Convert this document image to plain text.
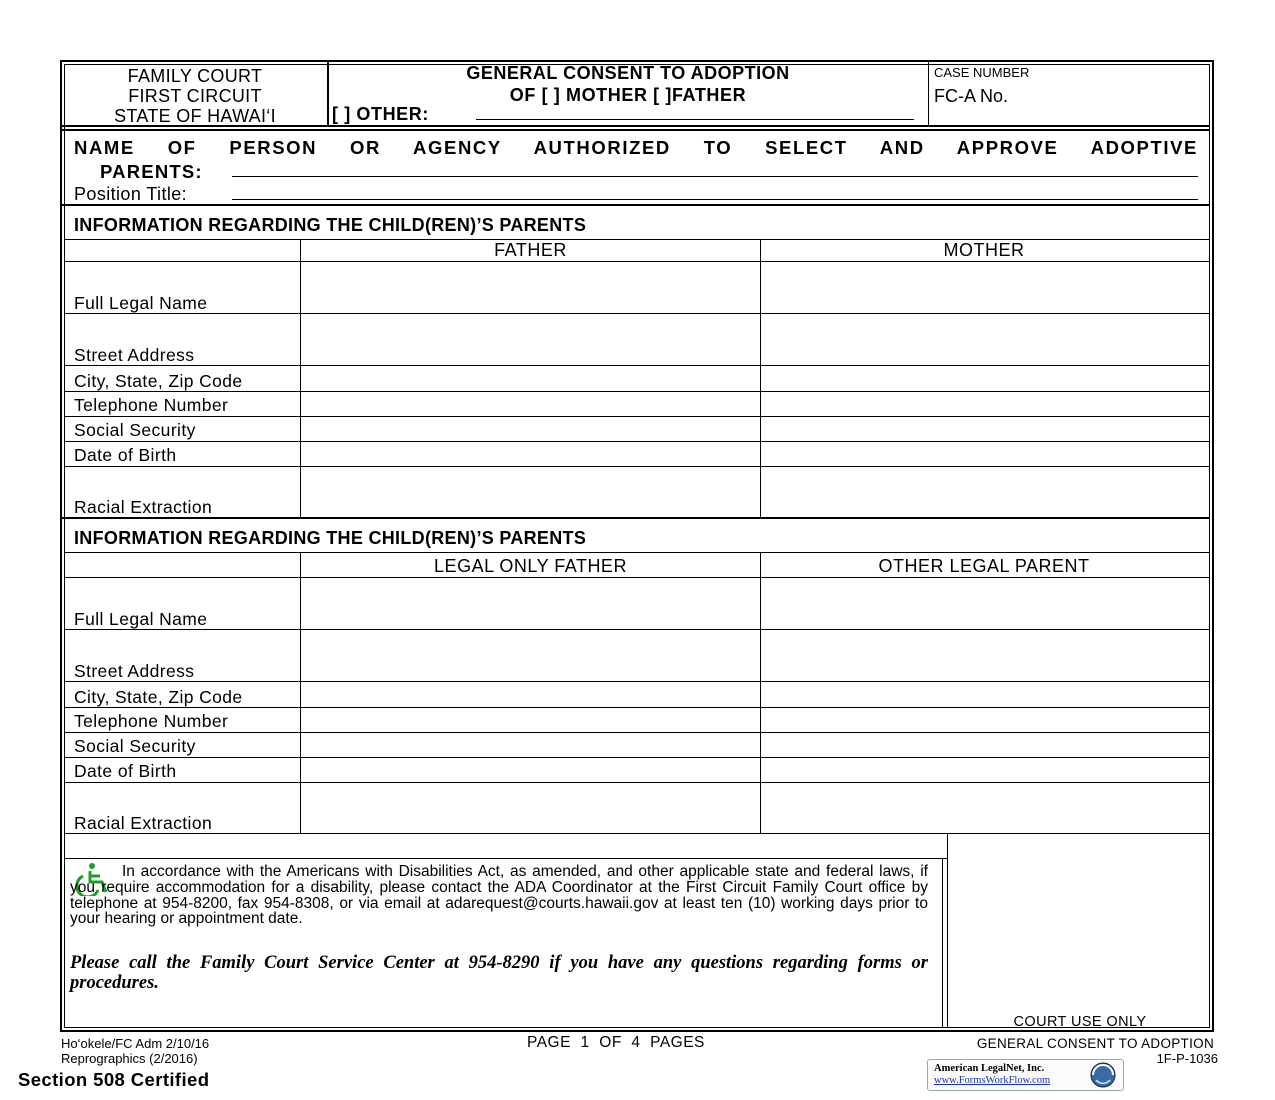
FAMILY COURT
FIRST CIRCUIT
STATE OF HAWAI‘I
GENERAL CONSENT TO ADOPTION
OF [ ] MOTHER [ ]FATHER
[ ] OTHER:
CASE NUMBER
FC-A No.
NAME OF PERSON OR AGENCY AUTHORIZED TO SELECT AND APPROVE ADOPTIVE
PARENTS:
Position Title:
INFORMATION REGARDING THE CHILD(REN)’S PARENTS
FATHER	MOTHER
Full Legal Name
Street Address
City, State, Zip Code
Telephone Number
Social Security
Date of Birth
Racial Extraction
INFORMATION REGARDING THE CHILD(REN)’S PARENTS
LEGAL ONLY FATHER	OTHER LEGAL PARENT
Full Legal Name
Street Address
City, State, Zip Code
Telephone Number
Social Security
Date of Birth
Racial Extraction
In accordance with the Americans with Disabilities Act, as amended, and other applicable state and federal laws, if you require accommodation for a disability, please contact the ADA Coordinator at the First Circuit Family Court office by telephone at 954-8200, fax 954-8308, or via email at adarequest@courts.hawaii.gov at least ten (10) working days prior to your hearing or appointment date.
Please call the Family Court Service Center at 954-8290 if you have any questions regarding forms or procedures.
COURT USE ONLY
Ho‘okele/FC Adm 2/10/16
Reprographics (2/2016)
Section 508 Certified
PAGE  1  OF  4  PAGES	GENERAL CONSENT TO ADOPTION
1F-P-1036
American LegalNet, Inc.
www.FormsWorkFlow.com
